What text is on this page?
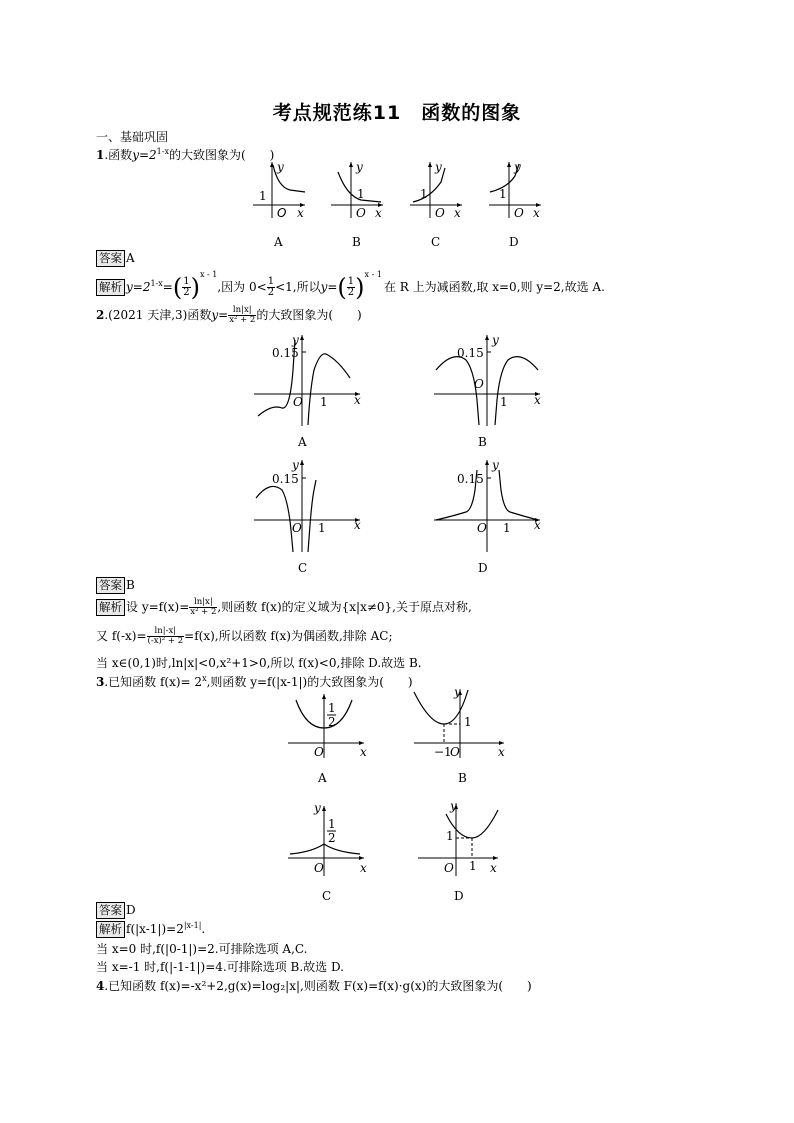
考点规范练11　函数的图象
一、基础巩固
1.函数$y=2^{1-x}$的大致图象为(　　)
1
O x
y
A
1
O x
y
B
1
O x
y
C
1
O x
y
D
答案 A
解析 $y=2^{1-x}=( \frac{1}{2} )^{x - 1}$,因为 $0< \frac{1}{2} <1$,所以$y=( \frac{1}{2} )^{x - 1}$在 R 上为减函数,取 x=0,则 y=2,故选 A.
2.(2021 天津,3)函数$y= \frac{\ln|x|}{\text{x² + 2}}$ 的大致图象为(　　)
0.15
y
O 1 x
A
0.15
y
O
1 x
B
0.15
y
O 1 x
C
0.15
y
O 1 x
D
答案 B
解析 设 $y=f(x)= \frac{\ln|x|}{\text{x² + 2}}$ ,则函数 f(x)的定义域为{x|x≠0},关于原点对称,
又 $f(-x)= \frac{\ln|-x|}{\text{(-x)² + 2}} =f(x)$,所以函数 f(x)为偶函数,排除 AC;
当 x∈(0,1)时,ln|x|<0,x²+1>0,所以 f(x)<0,排除 D.故选 B.
3.已知函数 $f(x)= 2^x$,则函数 y=f(|x-1|)的大致图象为(　　)
1
2
O	x
A
1
−1
O	x
y
B
1
2
O	x
y
C
1
1
O	x
y
D
答案 D
解析 $f(|x-1|)=2^{|x-1|}$.
当 x=0 时,f(|0-1|)=2.可排除选项 A,C.
当 x=-1 时,f(|-1-1|)=4.可排除选项 B.故选 D.
4.已知函数 f(x)=-x²+2,g(x)=log₂|x|,则函数 F(x)=f(x)·g(x)的大致图象为(　　)
